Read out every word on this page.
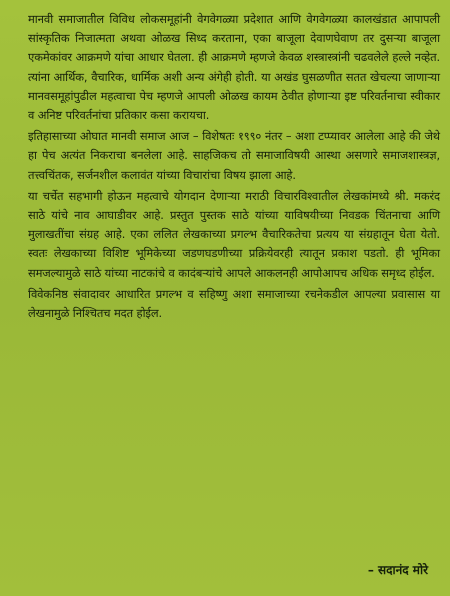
मानवी समाजातील विविध लोकसमूहांनी वेगवेगळ्या प्रदेशात आणि वेगवेगळ्या कालखंडात आपापली सांस्कृतिक निजात्मता अथवा ओळख सिध्द करताना, एका बाजूला देवाणघेवाण तर दुसऱ्या बाजूला एकमेकांवर आक्रमणे यांचा आधार घेतला. ही आक्रमणे म्हणजे केवळ शस्त्रास्त्रांनी चढवलेले हल्ले नव्हेत. त्यांना आर्थिक, वैचारिक, धार्मिक अशी अन्य अंगेही होती. या अखंड घुसळणीत सतत खेचल्या जाणाऱ्या मानवसमूहांपुढील महत्वाचा पेच म्हणजे आपली ओळख कायम ठेवीत होणाऱ्या इष्ट परिवर्तनाचा स्वीकार व अनिष्ट परिवर्तनांचा प्रतिकार कसा करायचा.

इतिहासाच्या ओघात मानवी समाज आज – विशेषतः १९९० नंतर – अशा टप्प्यावर आलेला आहे की जेथे हा पेच अत्यंत निकराचा बनलेला आहे. साहजिकच तो समाजाविषयी आस्था असणारे समाजशास्त्रज्ञ, तत्त्वचिंतक, सर्जनशील कलावंत यांच्या विचारांचा विषय झाला आहे.

या चर्चेत सहभागी होऊन महत्वाचे योगदान देणाऱ्या मराठी विचारविश्वातील लेखकांमध्ये श्री. मकरंद साठे यांचे नाव आघाडीवर आहे. प्रस्तुत पुस्तक साठे यांच्या याविषयीच्या निवडक चिंतनाचा आणि मुलाखतींचा संग्रह आहे. एका ललित लेखकाच्या प्रगल्भ वैचारिकतेचा प्रत्यय या संग्रहातून घेता येतो. स्वतः लेखकाच्या विशिष्ट भूमिकेच्या जडणघडणीच्या प्रक्रियेवरही त्यातून प्रकाश पडतो. ही भूमिका समजल्यामुळे साठे यांच्या नाटकांचे व कादंबऱ्यांचे आपले आकलनही आपोआपच अधिक समृध्द होईल.

विवेकनिष्ठ संवादावर आधारित प्रगल्भ व सहिष्णु अशा समाजाच्या रचनेकडील आपल्या प्रवासास या लेखनामुळे निश्चितच मदत होईल.

– सदानंद मोरे
